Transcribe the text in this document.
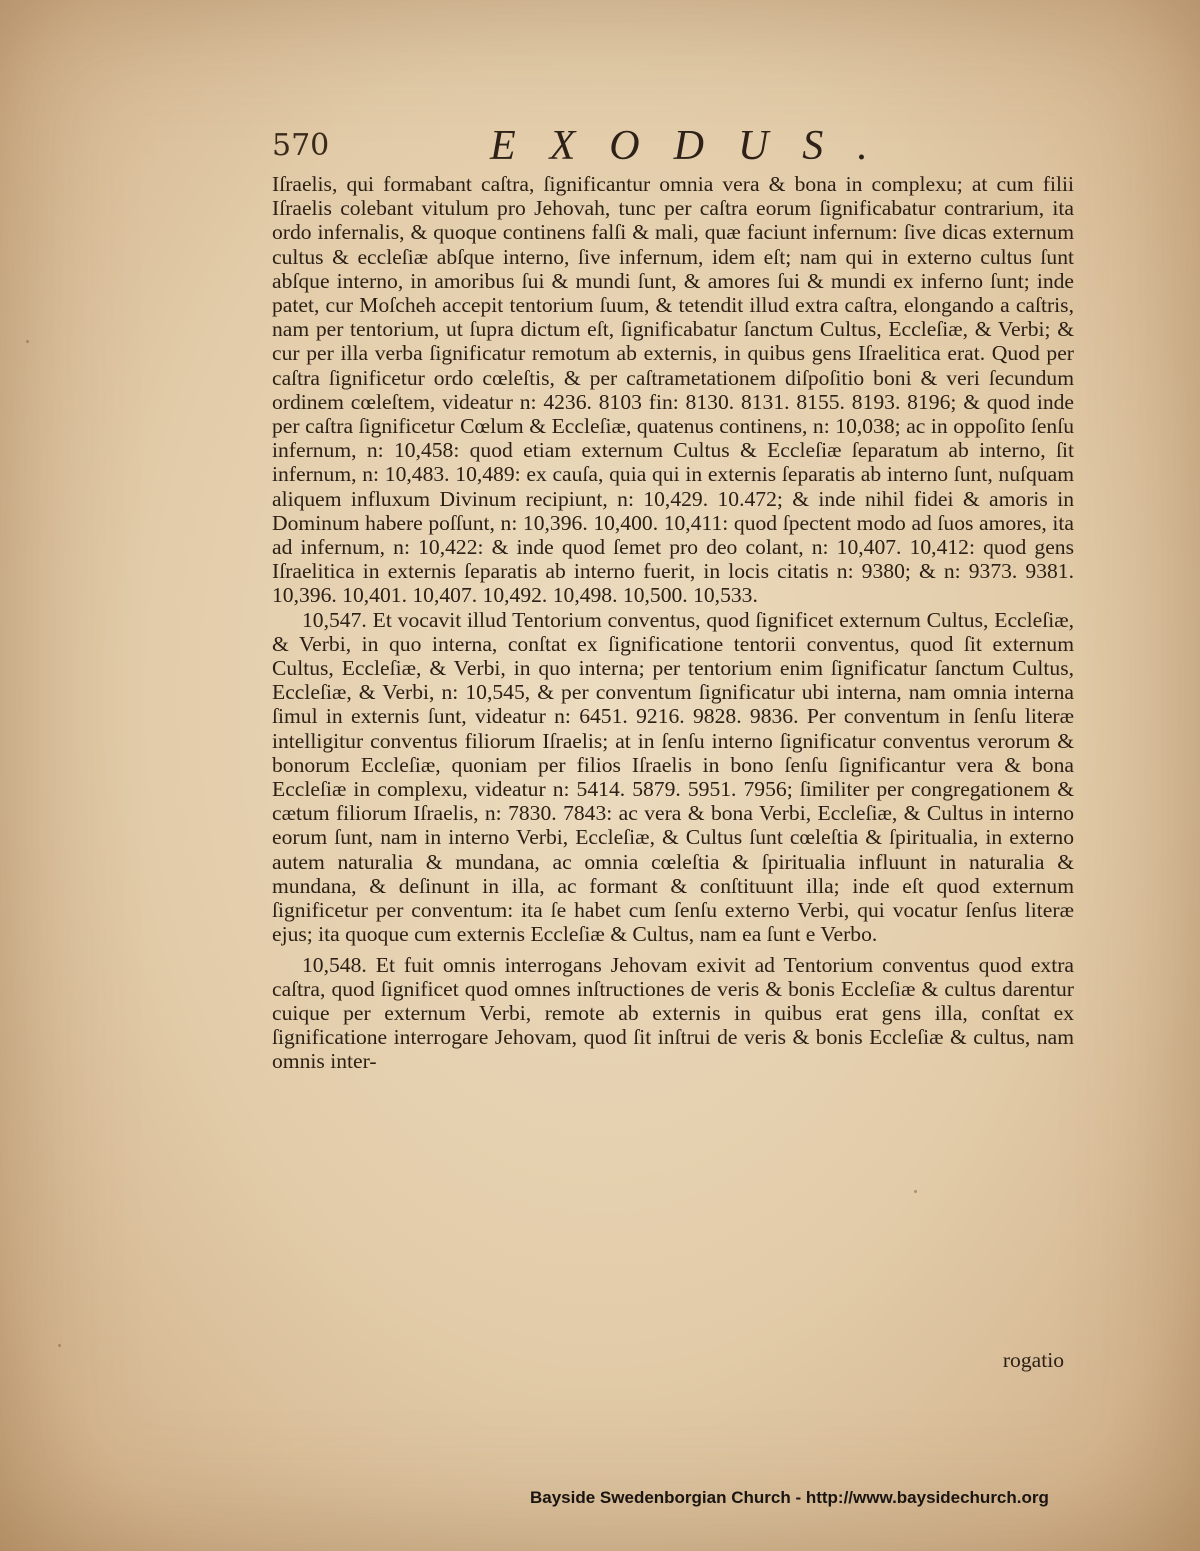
570	EXODUS.

Iſraelis, qui formabant caſtra, ſignificantur omnia vera & bona in complexu; at cum filii Iſraelis colebant vitulum pro Jehovah, tunc per caſtra eorum ſignificabatur contrarium, ita ordo infernalis, & quoque continens falſi & mali, quæ faciunt infernum: ſive dicas externum cultus & eccleſiæ abſque interno, ſive infernum, idem eſt; nam qui in externo cultus ſunt abſque interno, in amoribus ſui & mundi ſunt, & amores ſui & mundi ex inferno ſunt; inde patet, cur Moſcheh accepit tentorium ſuum, & tetendit illud extra caſtra, elongando a caſtris, nam per tentorium, ut ſupra dictum eſt, ſignificabatur ſanctum Cultus, Eccleſiæ, & Verbi; & cur per illa verba ſignificatur remotum ab externis, in quibus gens Iſraelitica erat. Quod per caſtra ſignificetur ordo cœleſtis, & per caſtrametationem diſpoſitio boni & veri ſecundum ordinem cœleſtem, videatur n: 4236. 8103 fin: 8130. 8131. 8155. 8193. 8196; & quod inde per caſtra ſignificetur Cœlum & Eccleſiæ, quatenus continens, n: 10,038; ac in oppoſito ſenſu infernum, n: 10,458: quod etiam externum Cultus & Eccleſiæ ſeparatum ab interno, ſit infernum, n: 10,483. 10,489: ex cauſa, quia qui in externis ſeparatis ab interno ſunt, nuſquam aliquem influxum Divinum recipiunt, n: 10,429. 10.472; & inde nihil fidei & amoris in Dominum habere poſſunt, n: 10,396. 10,400. 10,411: quod ſpectent modo ad ſuos amores, ita ad infernum, n: 10,422: & inde quod ſemet pro deo colant, n: 10,407. 10,412: quod gens Iſraelitica in externis ſeparatis ab interno fuerit, in locis citatis n: 9380; & n: 9373. 9381. 10,396. 10,401. 10,407. 10,492. 10,498. 10,500. 10,533.

10,547. Et vocavit illud Tentorium conventus, quod ſignificet externum Cultus, Eccleſiæ, & Verbi, in quo interna, conſtat ex ſignificatione tentorii conventus, quod ſit externum Cultus, Eccleſiæ, & Verbi, in quo interna; per tentorium enim ſignificatur ſanctum Cultus, Eccleſiæ, & Verbi, n: 10,545, & per conventum ſignificatur ubi interna, nam omnia interna ſimul in externis ſunt, videatur n: 6451. 9216. 9828. 9836. Per conventum in ſenſu literæ intelligitur conventus filiorum Iſraelis; at in ſenſu interno ſignificatur conventus verorum & bonorum Eccleſiæ, quoniam per filios Iſraelis in bono ſenſu ſignificantur vera & bona Eccleſiæ in complexu, videatur n: 5414. 5879. 5951. 7956; ſimiliter per congregationem & cætum filiorum Iſraelis, n: 7830. 7843: ac vera & bona Verbi, Eccleſiæ, & Cultus in interno eorum ſunt, nam in interno Verbi, Eccleſiæ, & Cultus ſunt cœleſtia & ſpiritualia, in externo autem naturalia & mundana, ac omnia cœleſtia & ſpiritualia influunt in naturalia & mundana, & deſinunt in illa, ac formant & conſtituunt illa; inde eſt quod externum ſignificetur per conventum: ita ſe habet cum ſenſu externo Verbi, qui vocatur ſenſus literæ ejus; ita quoque cum externis Eccleſiæ & Cultus, nam ea ſunt e Verbo.

10,548. Et fuit omnis interrogans Jehovam exivit ad Tentorium conventus quod extra caſtra, quod ſignificet quod omnes inſtructiones de veris & bonis Eccleſiæ & cultus darentur cuique per externum Verbi, remote ab externis in quibus erat gens illa, conſtat ex ſignificatione interrogare Jehovam, quod ſit inſtrui de veris & bonis Eccleſiæ & cultus, nam omnis inter-

rogatio
Bayside Swedenborgian Church - http://www.baysidechurch.org
